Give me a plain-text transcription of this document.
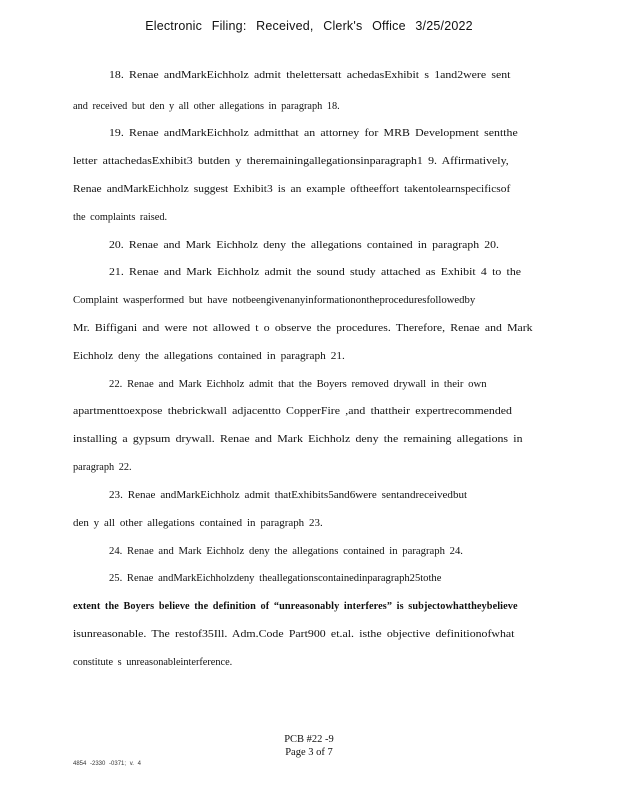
Electronic Filing: Received, Clerk's Office 3/25/2022
18. Renae andMarkEichholz admit thelettersatt achedasExhibit s 1and2were sent
and received but den y all other allegations in paragraph 18.
19. Renae andMarkEichholz admitthat an attorney for MRB Development sentthe
letter attachedasExhibit3 butden y theremainingallegationsinparagraph1 9. Affirmatively,
Renae andMarkEichholz suggest Exhibit3 is an example oftheeffort takentolearnspecificsof
the complaints raised.
20. Renae and Mark Eichholz deny the allegations contained in paragraph 20.
21. Renae and Mark Eichholz admit the sound study attached as Exhibit 4 to the
Complaint wasperformed but have notbeengivenanyinformationontheproceduresfollowedby
Mr. Biffigani and were not allowed t o observe the procedures. Therefore, Renae and Mark
Eichholz deny the allegations contained in paragraph 21.
22. Renae and Mark Eichholz admit that the Boyers removed drywall in their own
apartmenttoexpose thebrickwall adjacentto CopperFire ,and thattheir expertrecommended
installing a gypsum drywall. Renae and Mark Eichholz deny the remaining allegations in
paragraph 22.
23. Renae andMarkEichholz admit thatExhibits5and6were sentandreceivedbut
den y all other allegations contained in paragraph 23.
24. Renae and Mark Eichholz deny the allegations contained in paragraph 24.
25. Renae andMarkEichholzdeny theallegationscontainedinparagraph25tothe
extent the Boyers believe the definition of “unreasonably interferes” is subjectowhattheybelieve
isunreasonable. The restof35Ill. Adm.Code Part900 et.al. isthe objective definitionofwhat
constitute s unreasonableinterference.
PCB #22 -9
Page 3 of 7
4854 -2330 -0371; v. 4
